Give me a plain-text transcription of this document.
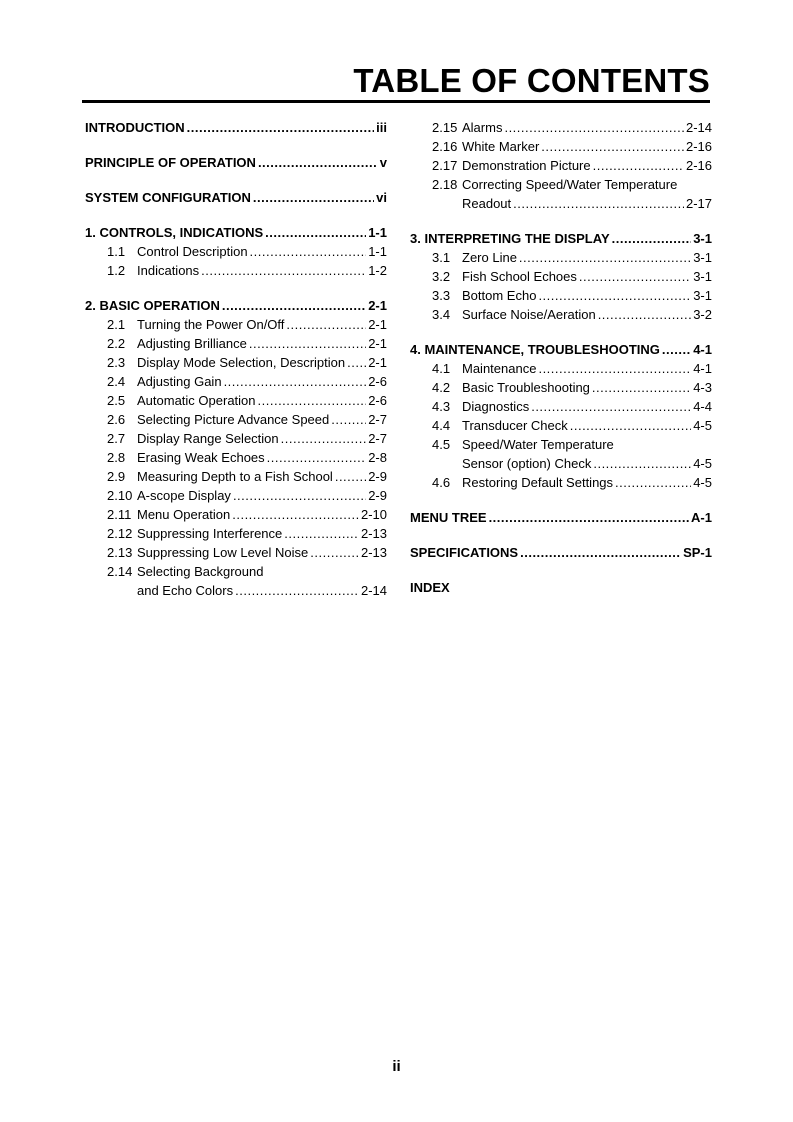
TABLE OF CONTENTS
INTRODUCTION .....	iii
PRINCIPLE OF OPERATION .....	v
SYSTEM CONFIGURATION .....	vi
1. CONTROLS, INDICATIONS .....	1-1
1.1 Control Description .....	1-1
1.2 Indications .....	1-2
2. BASIC OPERATION .....	2-1
2.1 Turning the Power On/Off .....	2-1
2.2 Adjusting Brilliance .....	2-1
2.3 Display Mode Selection, Description ..... 2-1
2.4 Adjusting Gain .....	2-6
2.5 Automatic Operation .....	2-6
2.6 Selecting Picture Advance Speed .....	2-7
2.7 Display Range Selection .....	2-7
2.8 Erasing Weak Echoes .....	2-8
2.9 Measuring Depth to a Fish School .....	2-9
2.10 A-scope Display .....	2-9
2.11 Menu Operation .....	2-10
2.12 Suppressing Interference .....	2-13
2.13 Suppressing Low Level Noise .....	2-13
2.14 Selecting Background
and Echo Colors .....	2-14
2.15 Alarms .....	2-14
2.16 White Marker .....	2-16
2.17 Demonstration Picture .....	2-16
2.18 Correcting Speed/Water Temperature
Readout .....	2-17
3. INTERPRETING THE DISPLAY .....	3-1
3.1 Zero Line .....	3-1
3.2 Fish School Echoes .....	3-1
3.3 Bottom Echo .....	3-1
3.4 Surface Noise/Aeration .....	3-2
4. MAINTENANCE, TROUBLESHOOTING .....	4-1
4.1 Maintenance .....	4-1
4.2 Basic Troubleshooting .....	4-3
4.3 Diagnostics .....	4-4
4.4 Transducer Check .....	4-5
4.5 Speed/Water Temperature
Sensor (option) Check .....	4-5
4.6 Restoring Default Settings .....	4-5
MENU TREE .....	A-1
SPECIFICATIONS .....	SP-1
INDEX
ii
